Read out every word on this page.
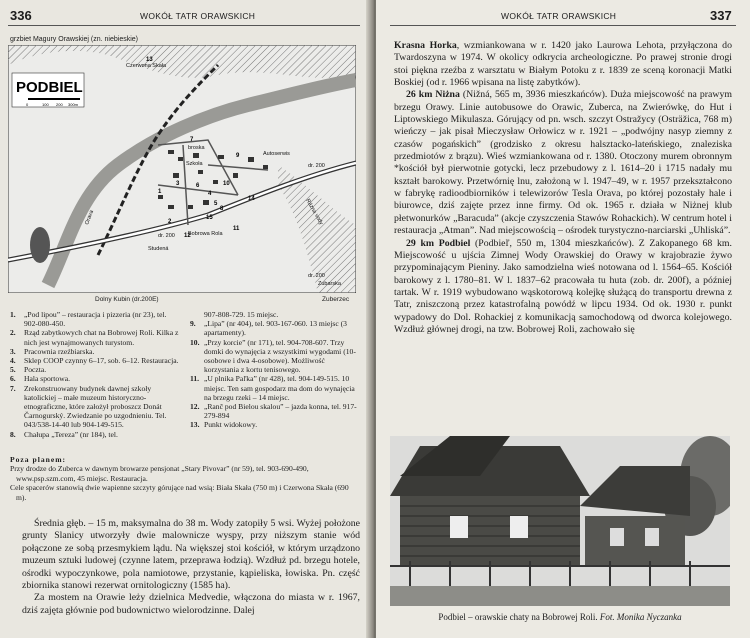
336	WOKÓŁ TATR ORAWSKICH
grzbiet Magury Orawskiej (zn. niebieskie)
PODBIEL
0	100 200 300m
Czerwona Skała
broska
Szkoła
Autoserwis
Orava
Studená
Bobrowa Rola
Rázna vody
Zubarska
dr. 200
dr. 200
dr. 200
1
2
3
4
5
6
7
8
9
10
11
12
13
14
15
Dolny Kubin (dr.200E)	Zuberzec
1.	„Pod lipou” – restauracja i pizzeria (nr 23), tel. 902-080-450.
2.	Rząd zabytkowych chat na Bobrowej Roli. Kilka z nich jest wynajmowanych turystom.
3.	Pracownia rzeźbiarska.
4.	Sklep COOP czynny 6–17, sob. 6–12. Restauracja.
5.	Poczta.
6.	Hala sportowa.
7.	Zrekonstruowany budynek dawnej szkoły katolickiej – małe muzeum historyczno-etnograficzne, które założył proboszcz Donát Čarnogurský. Zwiedzanie po uzgodnieniu. Tel. 043/538-14-40 lub 904-149-515.
8.	Chałupa „Tereza” (nr 184), tel.
907-808-729. 15 miejsc.
9.	„Lipa” (nr 404), tel. 903-167-060. 13 miejsc (3 apartamenty).
10. „Przy korcie” (nr 171), tel. 904-708-607. Trzy domki do wynajęcia z wszystkimi wygodami (10-osobowe i dwa 4-osobowe). Możliwość korzystania z kortu tenisowego.
11. „U plnika Paľka” (nr 428), tel. 904-149-515. 10 miejsc. Ten sam gospodarz ma dom do wynajęcia na brzegu rzeki – 14 miejsc.
12. „Ranč pod Bielou skalou” – jazda konna, tel. 917-279-894
13. Punkt widokowy.
Poza planem:

Przy drodze do Zuberca w dawnym browarze pensjonat „Stary Pivovar” (nr 59), tel. 903-690-490, www.psp.szm.com, 45 miejsc. Restauracja.

Cele spacerów stanowią dwie wapienne szczyty górujące nad wsią: Biała Skała (750 m) i Czerwona Skała (690 m).

Średnia głęb. – 15 m, maksymalna do 38 m. Wody zatopiły 5 wsi. Wyżej położone grunty Slanicy utworzyły dwie malownicze wyspy, przy niższym stanie wód połączone ze sobą przesmykiem lądu. Na większej stoi kościół, w którym urządzono muzeum sztuki ludowej (czynne latem, przeprawa łodzią). Wzdłuż pd. brzegu hotele, ośrodki wypoczynkowe, pola namiotowe, przystanie, kąpieliska, łowiska. Pn. część zbiornika stanowi rezerwat ornitologiczny (1585 ha).

Za mostem na Orawie leży dzielnica Medvedie, włączona do miasta w r. 1967, dziś zajęta głównie pod budownictwo wielorodzinne. Dalej

WOKÓŁ TATR ORAWSKICH	337

Krasna Horka, wzmiankowana w r. 1420 jako Laurowa Lehota, przyłączona do Twardoszyna w 1974. W okolicy odkrycia archeologiczne. Po prawej stronie drogi stoi piękna rzeźba z warsztatu w Białym Potoku z r. 1839 ze sceną koronacji Matki Boskiej (od r. 1966 wpisana na listę zabytków).

26 km Niżna (Nižná, 565 m, 3936 mieszkańców). Duża miejscowość na prawym brzegu Orawy. Linie autobusowe do Orawic, Zuberca, na Zwierówkę, do Hut i Liptowskiego Mikulasza. Górujący od pn. wsch. szczyt Ostražycy (Osträžica, 768 m) wieńczy – jak pisał Mieczysław Orłowicz w r. 1921 – „podwójny nasyp ziemny z czasów pogańskich” (grodzisko z okresu halsztacko-lateńskiego, znaleziska przedmiotów z brązu). Wieś wzmiankowana od r. 1380. Otoczony murem obronnym *kościół był pierwotnie gotycki, lecz przebudowy z l. 1614–20 i 1715 nadały mu kształt barokowy. Przetwórnię lnu, założoną w l. 1947–49, w r. 1957 przekształcono w fabrykę radioodbiorników i telewizorów Tesla Orava, po której pozostały hale i biurowce, dziś zajęte przez inne firmy. Od ok. 1965 r. działa w Niżnej klub płetwonurków „Baracuda” (akcje czyszczenia Stawów Rohackich). W centrum hotel i restauracja „Atman”. Nad miejscowością – ośrodek turystyczno-narciarski „Uhliská”.

29 km Podbiel (Podbieľ, 550 m, 1304 mieszkańców). Z Zakopanego 68 km. Miejscowość u ujścia Zimnej Wody Orawskiej do Orawy w krajobrazie żywo przypominającym Pieniny. Jako samodzielna wieś notowana od l. 1564–65. Kościół barokowy z l. 1780–81. W l. 1837–62 pracowała tu huta (zob. dr. 200f), a później tartak. W r. 1919 wybudowano wąskotorową kolejkę służącą do transportu drewna z Tatr, zniszczoną przez katastrofalną powódź w lipcu 1934. Od ok. 1930 r. punkt wypadowy do Dol. Rohackiej z komunikacją samochodową od dworca kolejowego. Wzdłuż głównej drogi, na tzw. Bobrowej Roli, zachowało się

Podbiel – orawskie chaty na Bobrowej Roli. Fot. Monika Nyczanka
